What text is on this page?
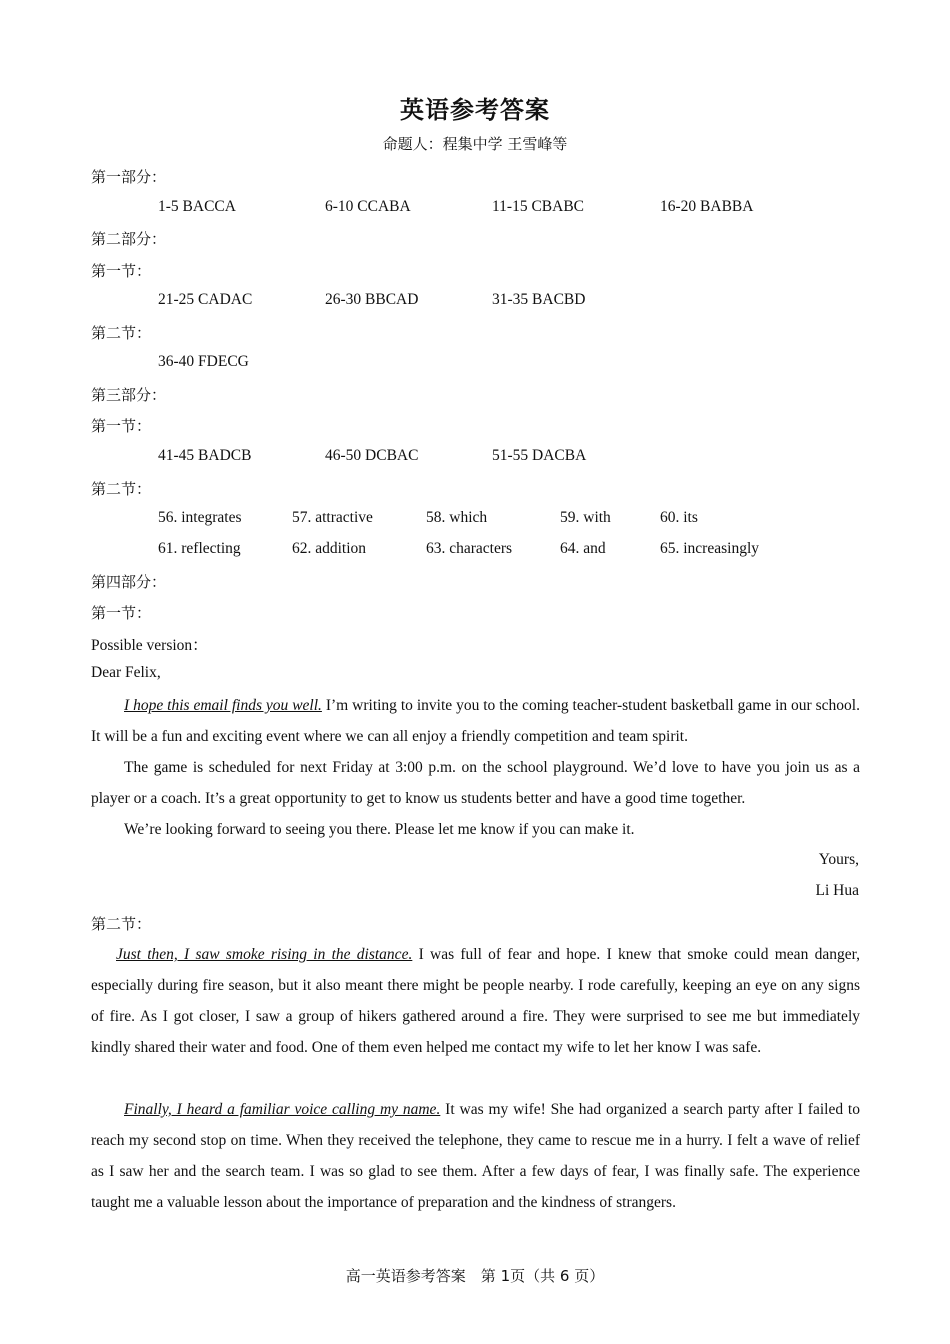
英语参考答案
命题人：程集中学 王雪峰等
第一部分：
1-5 BACCA	6-10 CCABA	11-15 CBABC	16-20 BABBA
第二部分：
第一节：
21-25 CADAC	26-30 BBCAD	31-35 BACBD
第二节：
36-40 FDECG
第三部分：
第一节：
41-45 BADCB	46-50 DCBAC	51-55 DACBA
第二节：
56. integrates	57. attractive	58. which	59. with	60. its
61. reflecting	62. addition	63. characters	64. and	65. increasingly
第四部分：
第一节：
Possible version：
Dear Felix,

I hope this email finds you well. I’m writing to invite you to the coming teacher-student basketball game in our school. It will be a fun and exciting event where we can all enjoy a friendly competition and team spirit.

The game is scheduled for next Friday at 3:00 p.m. on the school playground. We’d love to have you join us as a player or a coach. It’s a great opportunity to get to know us students better and have a good time together.

We’re looking forward to seeing you there. Please let me know if you can make it.

Yours,
Li Hua
第二节：

Just then, I saw smoke rising in the distance. I was full of fear and hope. I knew that smoke could mean danger, especially during fire season, but it also meant there might be people nearby. I rode carefully, keeping an eye on any signs of fire. As I got closer, I saw a group of hikers gathered around a fire. They were surprised to see me but immediately kindly shared their water and food. One of them even helped me contact my wife to let her know I was safe.

Finally, I heard a familiar voice calling my name. It was my wife! She had organized a search party after I failed to reach my second stop on time. When they received the telephone, they came to rescue me in a hurry. I felt a wave of relief as I saw her and the search team. I was so glad to see them. After a few days of fear, I was finally safe. The experience taught me a valuable lesson about the importance of preparation and the kindness of strangers.

高一英语参考答案　第 1页（共 6 页）
